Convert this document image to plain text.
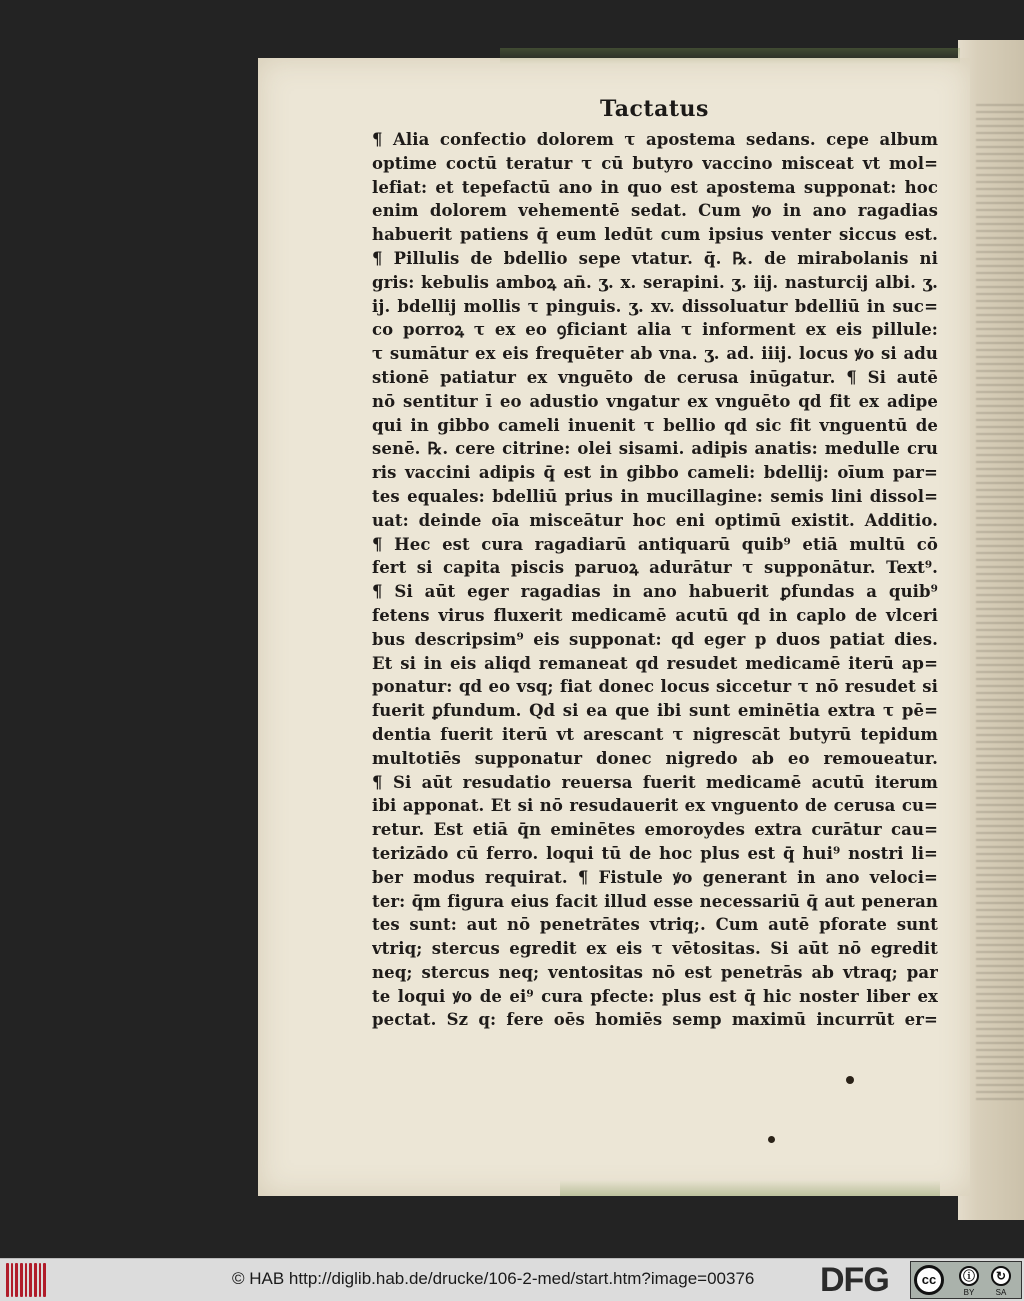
Tactatus
¶ Alia confectio dolorem τ apostema sedans. cepe album
optime coctū teratur τ cū butyro vaccino misceat vt mol=
lefiat: et tepefactū ano in quo est apostema supponat: hoc
enim dolorem vehementē sedat. Cum ꝟo in ano ragadias
habuerit patiens q̄ eum ledūt cum ipsius venter siccus est.
¶ Pillulis de bdellio sepe vtatur. q̄. ℞. de mirabolanis ni
gris: kebulis amboꝝ an̄. ʒ. x. serapini. ʒ. iij. nasturcij albi. ʒ.
ij. bdellij mollis τ pinguis. ʒ. xv. dissoluatur bdelliū in suc=
co porroꝝ τ ex eo ꝯficiant alia τ informent ex eis pillule:
τ sumātur ex eis frequēter ab vna. ʒ. ad. iiij. locus ꝟo si adu
stionē patiatur ex vnguēto de cerusa inūgatur. ¶ Si autē
nō sentitur ī eo adustio vngatur ex vnguēto qd fit ex adipe
qui in gibbo cameli inuenit τ bellio qd sic fit vnguentū de
senē. ℞. cere citrine: olei sisami. adipis anatis: medulle cru
ris vaccini adipis q̄ est in gibbo cameli: bdellij: oīum par=
tes equales: bdelliū prius in mucillagine: semis lini dissol=
uat: deinde oīa misceātur hoc eni optimū existit. Additio.
¶ Hec est cura ragadiarū antiquarū quib⁹ etiā multū cō
fert si capita piscis paruoꝝ adurātur τ supponātur. Text⁹.
¶ Si aūt eger ragadias in ano habuerit ꝑfundas a quib⁹
fetens virus fluxerit medicamē acutū qd in caplo de vlceri
bus descripsim⁹ eis supponat: qd eger p duos patiat dies.
Et si in eis aliqd remaneat qd resudet medicamē iterū ap=
ponatur: qd eo vsq; fiat donec locus siccetur τ nō resudet si
fuerit ꝑfundum. Qd si ea que ibi sunt eminētia extra τ pē=
dentia fuerit iterū vt arescant τ nigrescāt butyrū tepidum
multotiēs supponatur donec nigredo ab eo remoueatur.
¶ Si aūt resudatio reuersa fuerit medicamē acutū iterum
ibi apponat. Et si nō resudauerit ex vnguento de cerusa cu=
retur. Est etiā q̄n eminētes emoroydes extra curātur cau=
terizādo cū ferro. loqui tū de hoc plus est q̄ hui⁹ nostri li=
ber modus requirat. ¶ Fistule ꝟo generant in ano veloci=
ter: q̄m figura eius facit illud esse necessariū q̄ aut peneran
tes sunt: aut nō penetrātes vtriq;. Cum autē pforate sunt
vtriq; stercus egredit ex eis τ vētositas. Si aūt nō egredit
neq; stercus neq; ventositas nō est penetrās ab vtraq; par
te loqui ꝟo de ei⁹ cura pfecte: plus est q̄ hic noster liber ex
pectat. Sz q: fere oēs homiēs semp maximū incurrūt er=
© HAB http://diglib.hab.de/drucke/106-2-med/start.htm?image=00376 DFG	cc	ⓘ	↻
BY	SA
